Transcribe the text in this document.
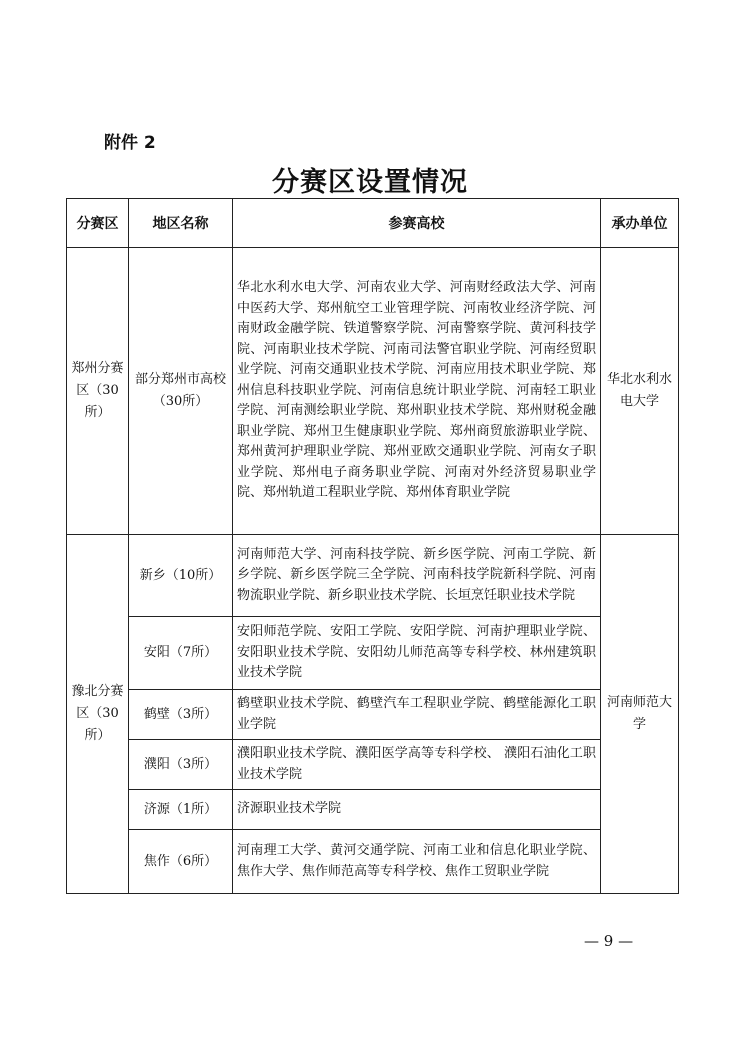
附件 2
分赛区设置情况
分赛区	地区名称	参赛高校	承办单位
郑州分赛区（30所）	部分郑州市高校（30所）	华北水利水电大学、河南农业大学、河南财经政法大学、河南中医药大学、郑州航空工业管理学院、河南牧业经济学院、河南财政金融学院、铁道警察学院、河南警察学院、黄河科技学院、河南职业技术学院、河南司法警官职业学院、河南经贸职业学院、河南交通职业技术学院、河南应用技术职业学院、郑州信息科技职业学院、河南信息统计职业学院、河南轻工职业学院、河南测绘职业学院、郑州职业技术学院、郑州财税金融职业学院、郑州卫生健康职业学院、郑州商贸旅游职业学院、郑州黄河护理职业学院、郑州亚欧交通职业学院、河南女子职业学院、郑州电子商务职业学院、河南对外经济贸易职业学院、郑州轨道工程职业学院、郑州体育职业学院	华北水利水电大学
豫北分赛区（30所）	新乡（10所）	河南师范大学、河南科技学院、新乡医学院、河南工学院、新乡学院、新乡医学院三全学院、河南科技学院新科学院、河南物流职业学院、新乡职业技术学院、长垣烹饪职业技术学院	河南师范大学
	安阳（7所）	安阳师范学院、安阳工学院、安阳学院、河南护理职业学院、安阳职业技术学院、安阳幼儿师范高等专科学校、林州建筑职业技术学院	
	鹤壁（3所）	鹤壁职业技术学院、鹤壁汽车工程职业学院、鹤壁能源化工职业学院	
	濮阳（3所）	濮阳职业技术学院、濮阳医学高等专科学校、 濮阳石油化工职业技术学院	
	济源（1所）	济源职业技术学院	
	焦作（6所）	河南理工大学、黄河交通学院、河南工业和信息化职业学院、焦作大学、焦作师范高等专科学校、焦作工贸职业学院	
— 9 —
